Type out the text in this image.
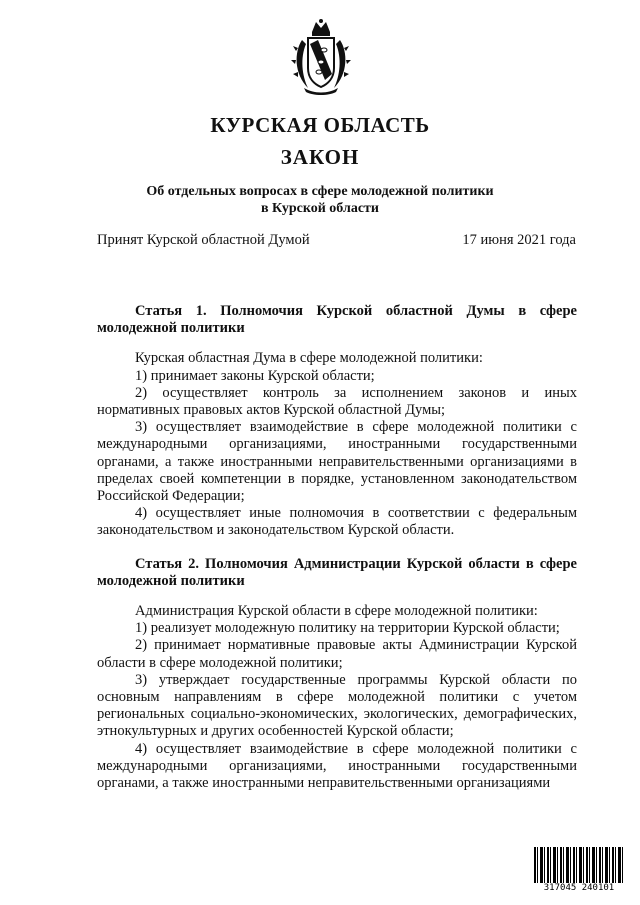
КУРСКАЯ ОБЛАСТЬ
ЗАКОН
Об отдельных вопросах в сфере молодежной политики
в Курской области
Принят Курской областной Думой	17 июня 2021 года

Статья 1. Полномочия Курской областной Думы в сфере молодежной политики

Курская областная Дума в сфере молодежной политики:

1) принимает законы Курской области;

2) осуществляет контроль за исполнением законов и иных нормативных правовых актов Курской областной Думы;

3) осуществляет взаимодействие в сфере молодежной политики с международными организациями, иностранными государственными органами, а также иностранными неправительственными организациями в пределах своей компетенции в порядке, установленном законодательством Российской Федерации;

4) осуществляет иные полномочия в соответствии с федеральным законодательством и законодательством Курской области.

Статья 2. Полномочия Администрации Курской области в сфере молодежной политики

Администрация Курской области в сфере молодежной политики:

1) реализует молодежную политику на территории Курской области;

2) принимает нормативные правовые акты Администрации Курской области в сфере молодежной политики;

3) утверждает государственные программы Курской области по основным направлениям в сфере молодежной политики с учетом региональных социально-экономических, экологических, демографических, этнокультурных и других особенностей Курской области;

4) осуществляет взаимодействие в сфере молодежной политики с международными организациями, иностранными государственными органами, а также иностранными неправительственными организациями

317045 240101
